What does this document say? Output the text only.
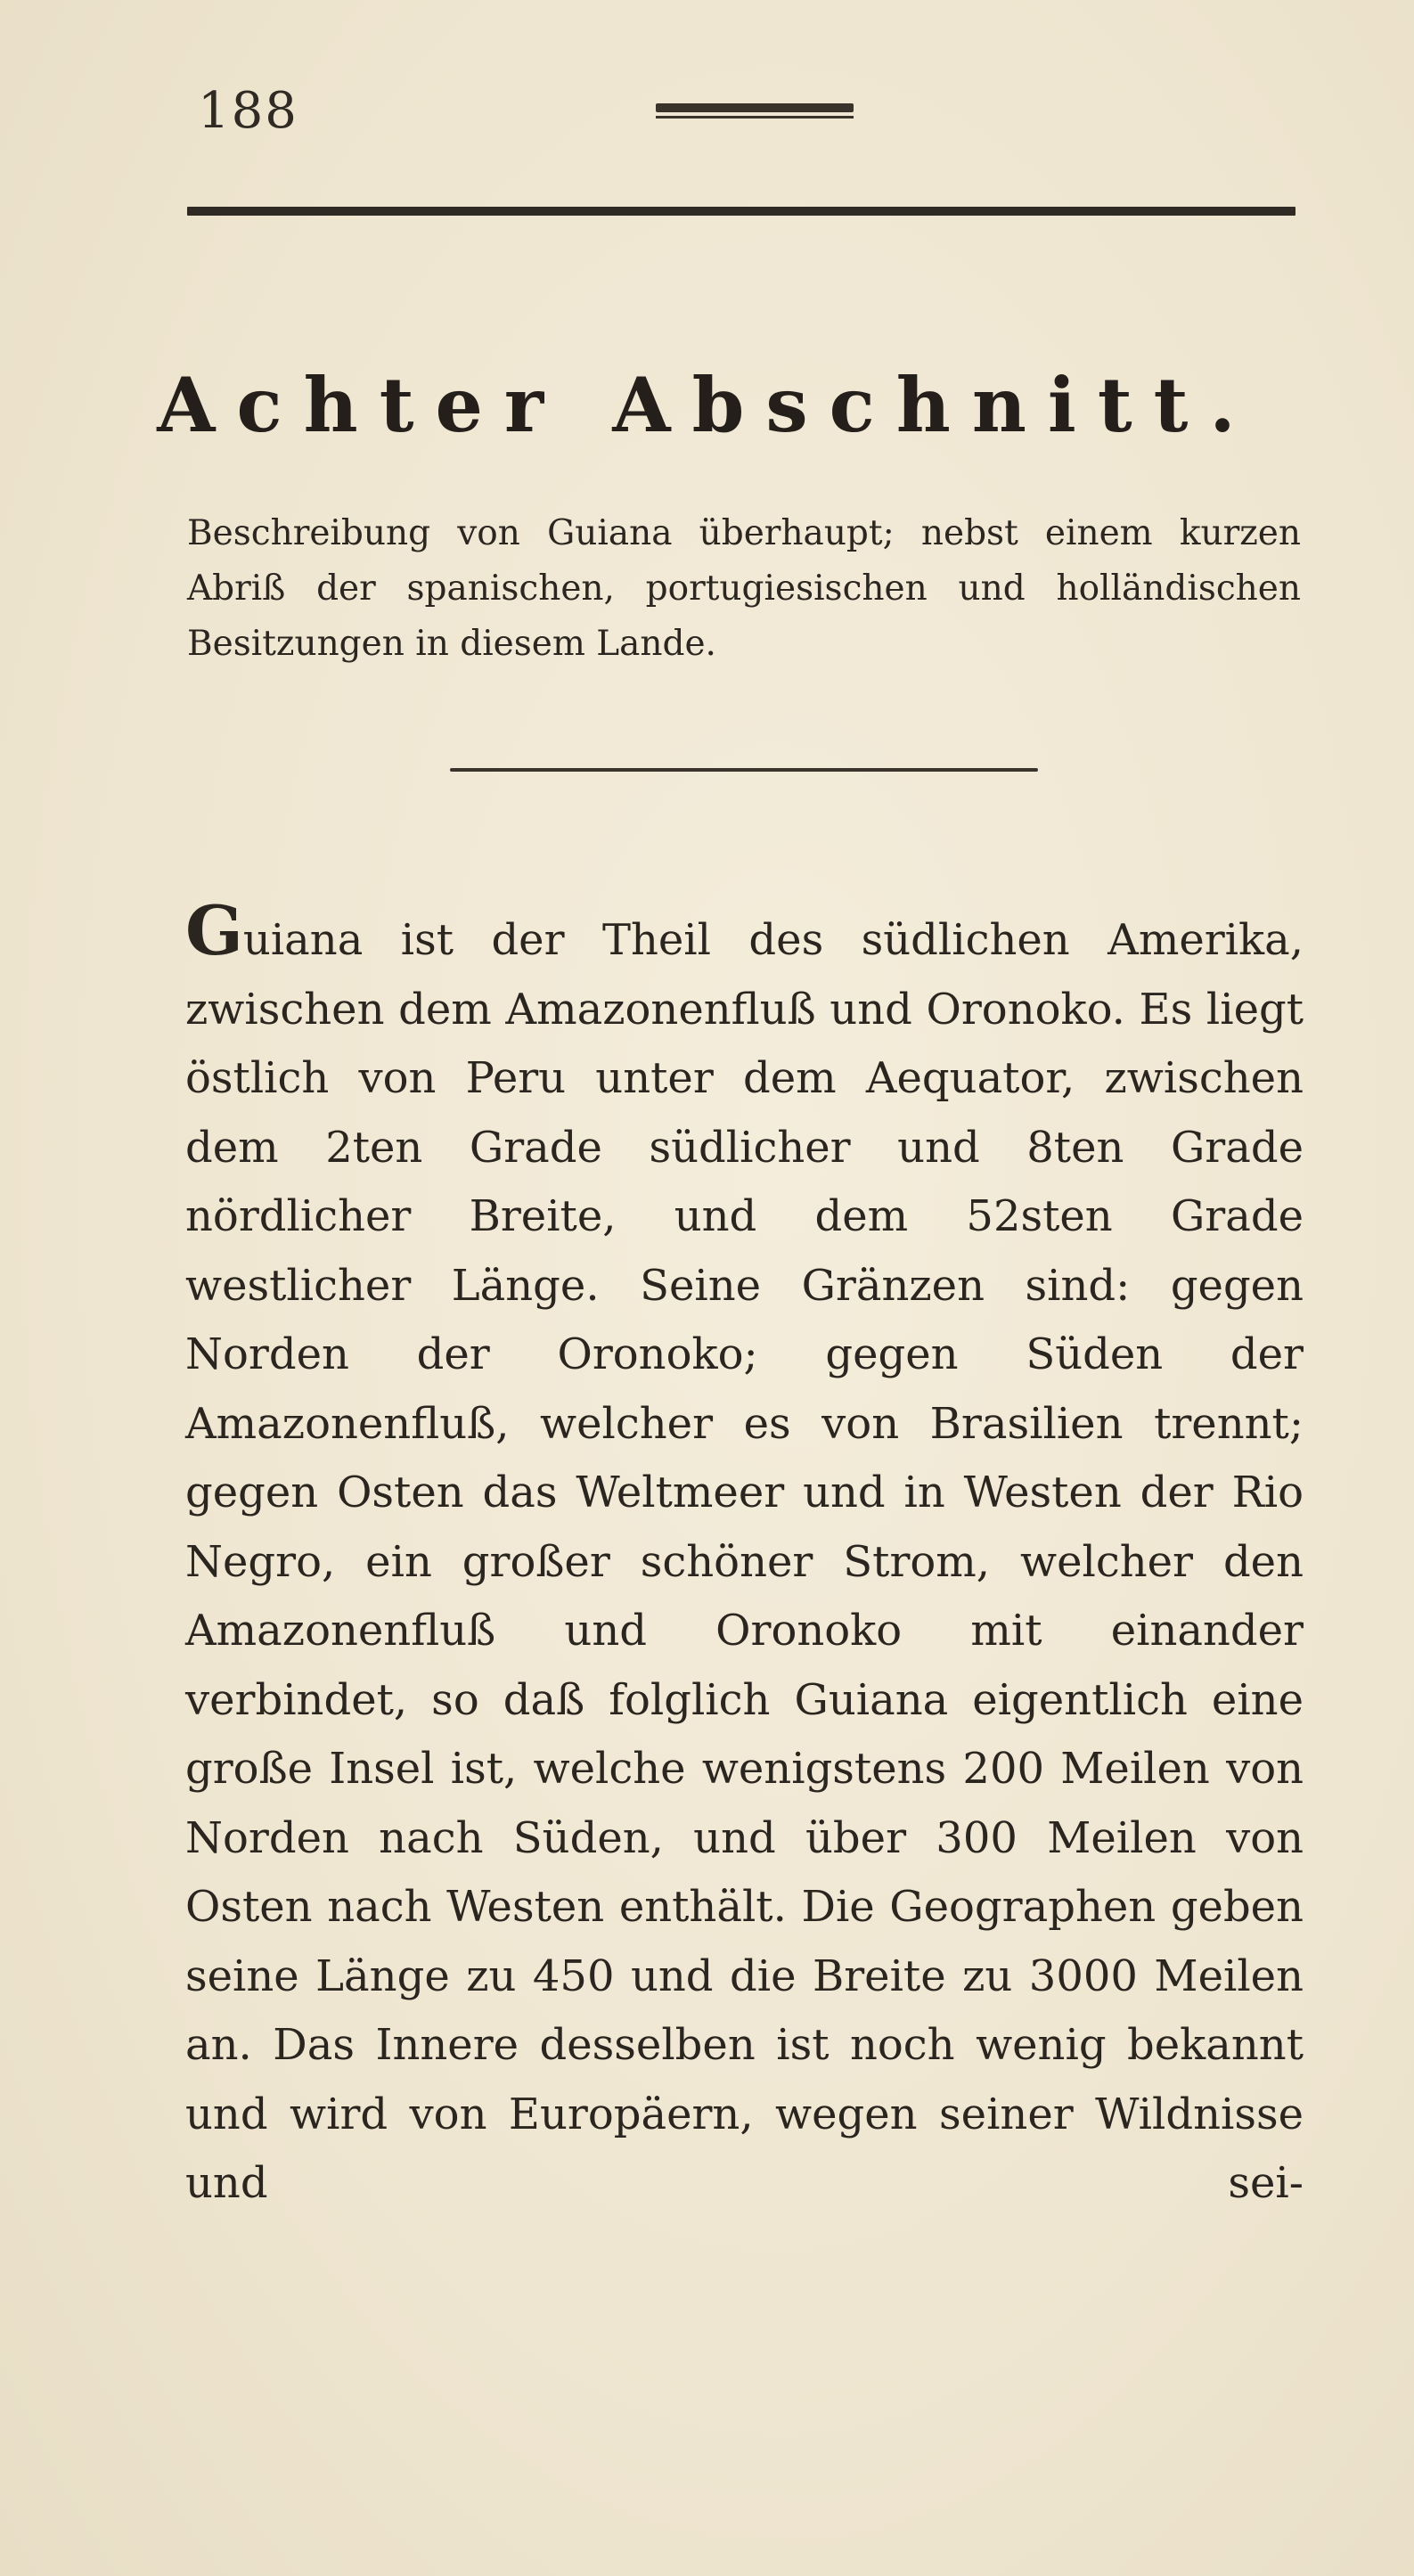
188
Achter Abschnitt.
Beschreibung von Guiana überhaupt; nebst einem kurzen Abriß der spanischen, portugiesischen und holländischen Besitzungen in diesem Lande.
Guiana ist der Theil des südlichen Amerika, zwischen dem Amazonenfluß und Oronoko. Es liegt östlich von Peru unter dem Aequator, zwischen dem 2ten Grade südlicher und 8ten Grade nördlicher Breite, und dem 52sten Grade westlicher Länge. Seine Gränzen sind: gegen Norden der Oronoko; gegen Süden der Amazonenfluß, welcher es von Brasilien trennt; gegen Osten das Weltmeer und in Westen der Rio Negro, ein großer schöner Strom, welcher den Amazonenfluß und Oronoko mit einander verbindet, so daß folglich Guiana eigentlich eine große Insel ist, welche wenigstens 200 Meilen von Norden nach Süden, und über 300 Meilen von Osten nach Westen enthält. Die Geographen geben seine Länge zu 450 und die Breite zu 3000 Meilen an. Das Innere desselben ist noch wenig bekannt und wird von Europäern, wegen seiner Wildnisse und sei-
